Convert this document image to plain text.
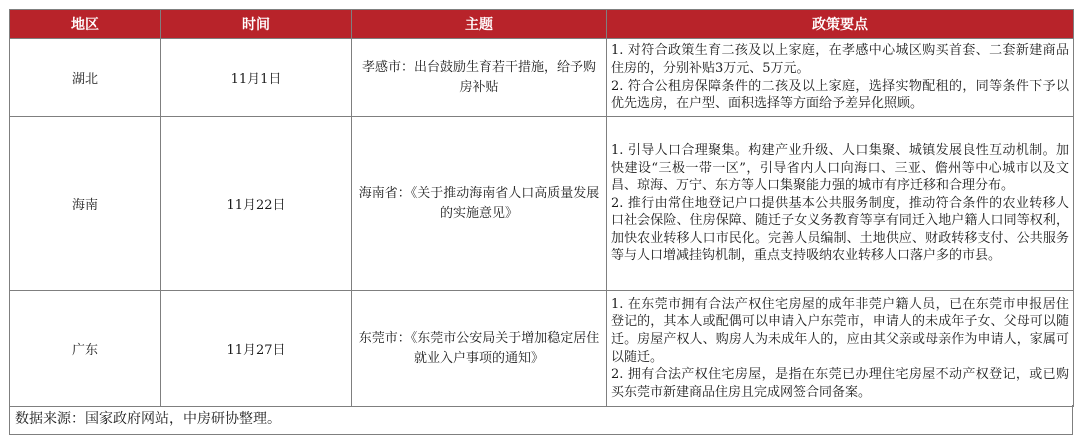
地区	时间	主题	政策要点
湖北	11月1日	孝感市：出台鼓励生育若干措施，给予购房补贴	1. 对符合政策生育二孩及以上家庭，在孝感中心城区购买首套、二套新建商品住房的，分别补贴3万元、5万元。
2. 符合公租房保障条件的二孩及以上家庭，选择实物配租的，同等条件下予以优先选房，在户型、面积选择等方面给予差异化照顾。

海南	11月22日	海南省：《关于推动海南省人口高质量发展的实施意见》	1. 引导人口合理聚集。构建产业升级、人口集聚、城镇发展良性互动机制。加快建设“三极一带一区”，引导省内人口向海口、三亚、儋州等中心城市以及文昌、琼海、万宁、东方等人口集聚能力强的城市有序迁移和合理分布。
2. 推行由常住地登记户口提供基本公共服务制度，推动符合条件的农业转移人口社会保险、住房保障、随迁子女义务教育等享有同迁入地户籍人口同等权利，加快农业转移人口市民化。完善人员编制、土地供应、财政转移支付、公共服务等与人口增减挂钩机制，重点支持吸纳农业转移人口落户多的市县。

广东	11月27日	东莞市：《东莞市公安局关于增加稳定居住就业入户事项的通知》	1. 在东莞市拥有合法产权住宅房屋的成年非莞户籍人员，已在东莞市申报居住登记的，其本人或配偶可以申请入户东莞市，申请人的未成年子女、父母可以随迁。房屋产权人、购房人为未成年人的，应由其父亲或母亲作为申请人，家属可以随迁。
2. 拥有合法产权住宅房屋，是指在东莞已办理住宅房屋不动产权登记，或已购买东莞市新建商品住房且完成网签合同备案。
数据来源：国家政府网站，中房研协整理。
